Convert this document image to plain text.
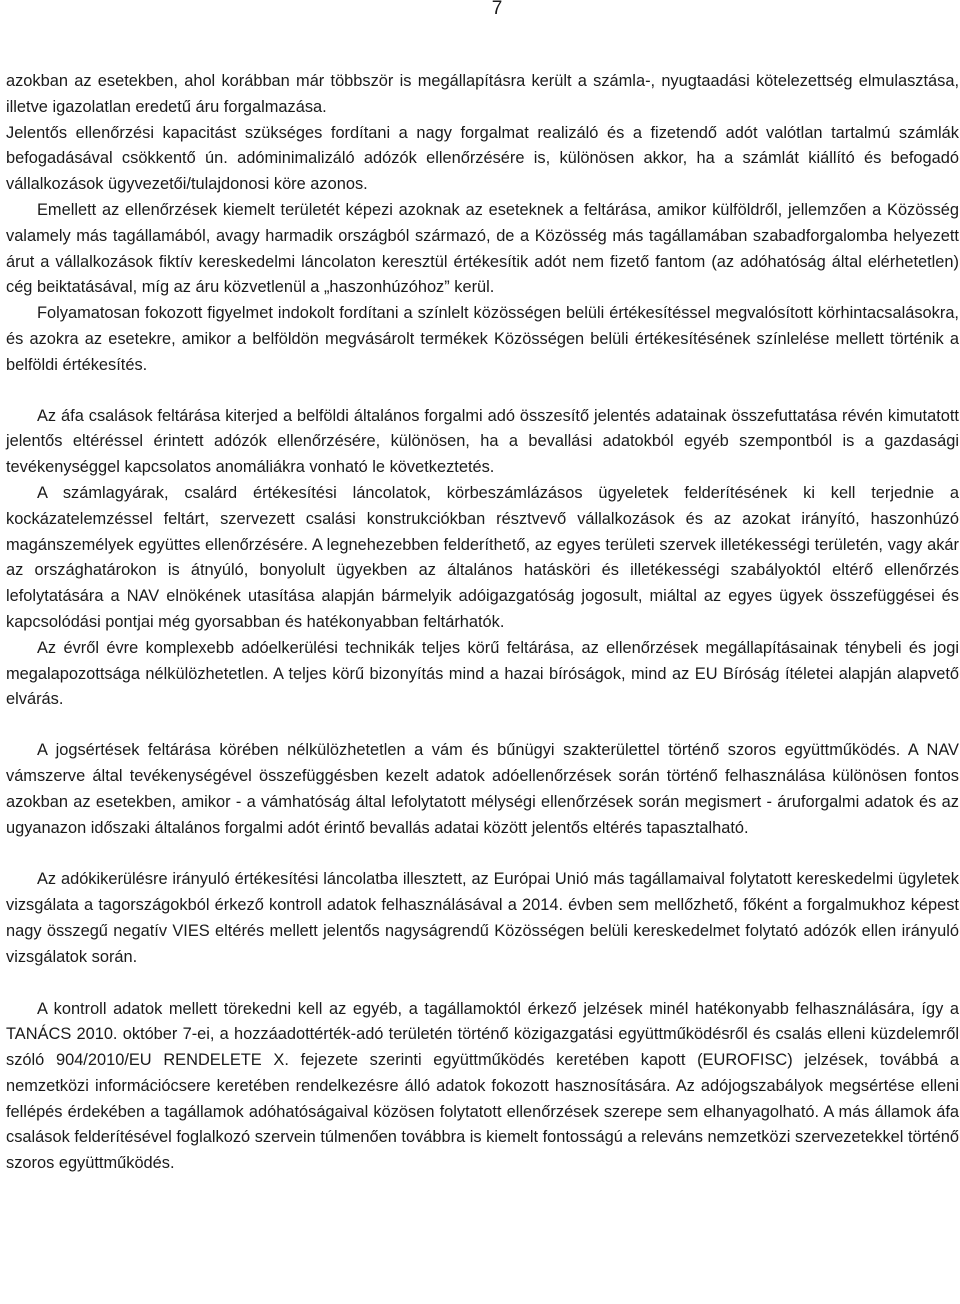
7

azokban az esetekben, ahol korábban már többször is megállapításra került a számla-, nyugtaadási kötelezettség elmulasztása, illetve igazolatlan eredetű áru forgalmazása.
Jelentős ellenőrzési kapacitást szükséges fordítani a nagy forgalmat realizáló és a fizetendő adót valótlan tartalmú számlák befogadásával csökkentő ún. adóminimalizáló adózók ellenőrzésére is, különösen akkor, ha a számlát kiállító és befogadó vállalkozások ügyvezetői/tulajdonosi köre azonos.

Emellett az ellenőrzések kiemelt területét képezi azoknak az eseteknek a feltárása, amikor külföldről, jellemzően a Közösség valamely más tagállamából, avagy harmadik országból származó, de a Közösség más tagállamában szabadforgalomba helyezett árut a vállalkozások fiktív kereskedelmi láncolaton keresztül értékesítik adót nem fizető fantom (az adóhatóság által elérhetetlen) cég beiktatásával, míg az áru közvetlenül a „haszonhúzóhoz” kerül.

Folyamatosan fokozott figyelmet indokolt fordítani a színlelt közösségen belüli értékesítéssel megvalósított körhintacsalásokra, és azokra az esetekre, amikor a belföldön megvásárolt termékek Közösségen belüli értékesítésének színlelése mellett történik a belföldi értékesítés.

Az áfa csalások feltárása kiterjed a belföldi általános forgalmi adó összesítő jelentés adatainak összefuttatása révén kimutatott jelentős eltéréssel érintett adózók ellenőrzésére, különösen, ha a bevallási adatokból egyéb szempontból is a gazdasági tevékenységgel kapcsolatos anomáliákra vonható le következtetés.

A számlagyárak, csalárd értékesítési láncolatok, körbeszámlázásos ügyeletek felderítésének ki kell terjednie a kockázatelemzéssel feltárt, szervezett csalási konstrukciókban résztvevő vállalkozások és az azokat irányító, haszonhúzó magánszemélyek együttes ellenőrzésére. A legnehezebben felderíthető, az egyes területi szervek illetékességi területén, vagy akár az országhatárokon is átnyúló, bonyolult ügyekben az általános hatásköri és illetékességi szabályoktól eltérő ellenőrzés lefolytatására a NAV elnökének utasítása alapján bármelyik adóigazgatóság jogosult, miáltal az egyes ügyek összefüggései és kapcsolódási pontjai még gyorsabban és hatékonyabban feltárhatók.

Az évről évre komplexebb adóelkerülési technikák teljes körű feltárása, az ellenőrzések megállapításainak ténybeli és jogi megalapozottsága nélkülözhetetlen. A teljes körű bizonyítás mind a hazai bíróságok, mind az EU Bíróság ítéletei alapján alapvető elvárás.

A jogsértések feltárása körében nélkülözhetetlen a vám és bűnügyi szakterülettel történő szoros együttműködés. A NAV vámszerve által tevékenységével összefüggésben kezelt adatok adóellenőrzések során történő felhasználása különösen fontos azokban az esetekben, amikor - a vámhatóság által lefolytatott mélységi ellenőrzések során megismert - áruforgalmi adatok és az ugyanazon időszaki általános forgalmi adót érintő bevallás adatai között jelentős eltérés tapasztalható.

Az adókikerülésre irányuló értékesítési láncolatba illesztett, az Európai Unió más tagállamaival folytatott kereskedelmi ügyletek vizsgálata a tagországokból érkező kontroll adatok felhasználásával a 2014. évben sem mellőzhető, főként a forgalmukhoz képest nagy összegű negatív VIES eltérés mellett jelentős nagyságrendű Közösségen belüli kereskedelmet folytató adózók ellen irányuló vizsgálatok során.

A kontroll adatok mellett törekedni kell az egyéb, a tagállamoktól érkező jelzések minél hatékonyabb felhasználására, így a TANÁCS 2010. október 7-ei, a hozzáadottérték-adó területén történő közigazgatási együttműködésről és csalás elleni küzdelemről szóló 904/2010/EU RENDELETE X. fejezete szerinti együttműködés keretében kapott (EUROFISC) jelzések, továbbá a nemzetközi információcsere keretében rendelkezésre álló adatok fokozott hasznosítására. Az adójogszabályok megsértése elleni fellépés érdekében a tagállamok adóhatóságaival közösen folytatott ellenőrzések szerepe sem elhanyagolható. A más államok áfa csalások felderítésével foglalkozó szervein túlmenően továbbra is kiemelt fontosságú a releváns nemzetközi szervezetekkel történő szoros együttműködés.
